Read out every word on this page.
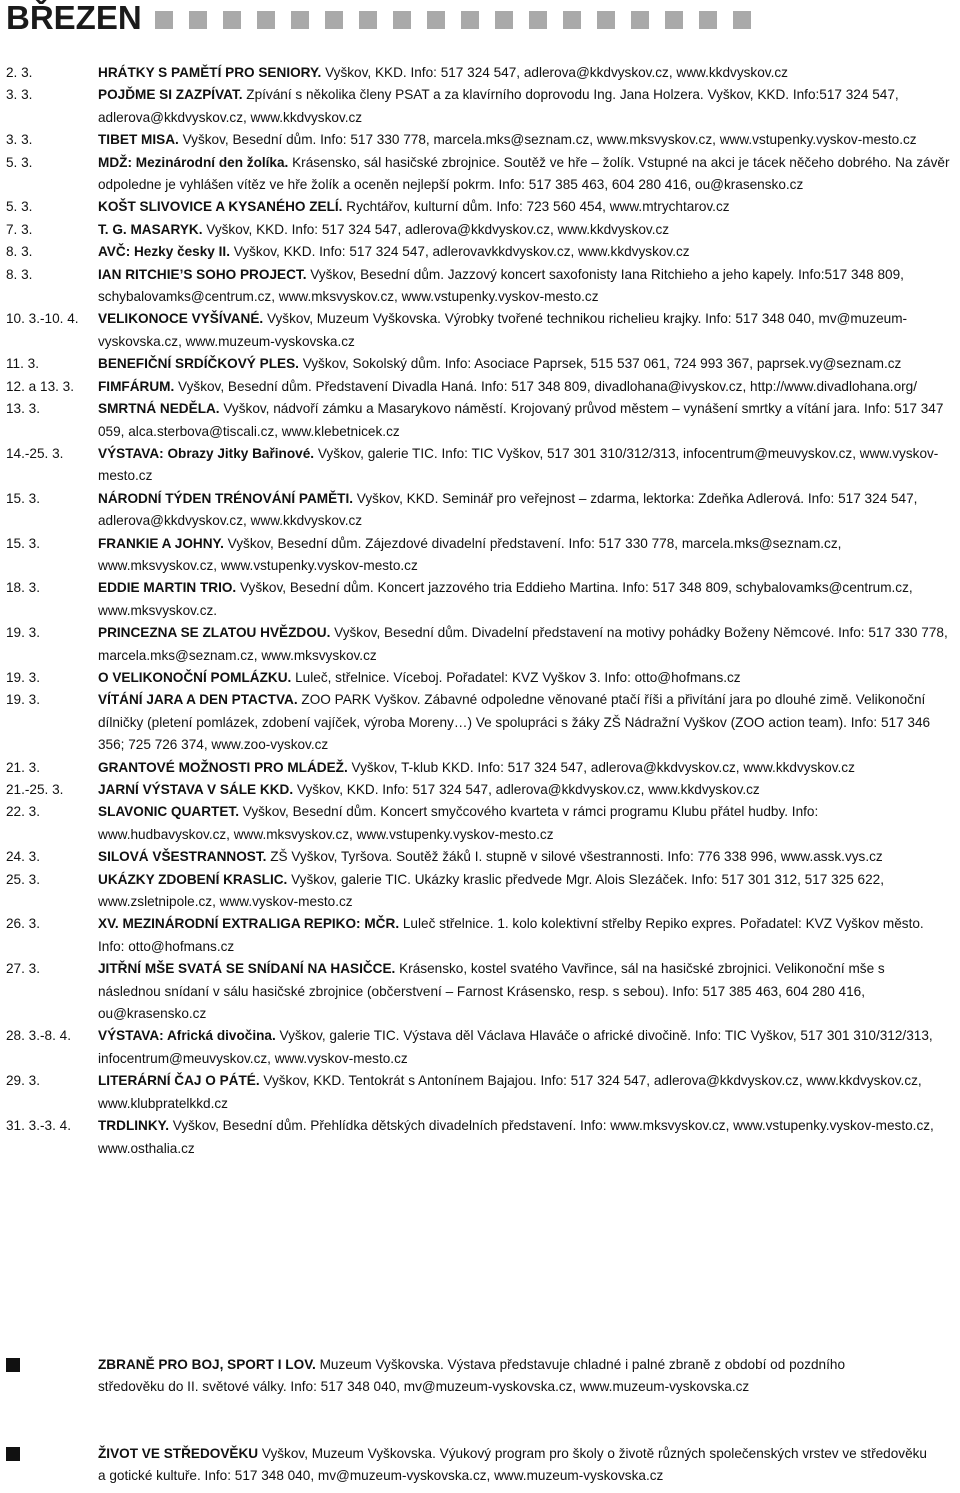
BŘEZEN
2. 3.	HRÁTKY S PAMĚTÍ PRO SENIORY. Vyškov, KKD. Info: 517 324 547, adlerova@kkdvyskov.cz, www.kkdvyskov.cz
3. 3.	POJĎME SI ZAZPÍVAT. Zpívání s několika členy PSAT a za klavírního doprovodu Ing. Jana Holzera. Vyškov, KKD. Info:517 324 547, adlerova@kkdvyskov.cz, www.kkdvyskov.cz
3. 3.	TIBET MISA. Vyškov, Besední dům. Info: 517 330 778, marcela.mks@seznam.cz, www.mksvyskov.cz, www.vstupenky.vyskov-mesto.cz
5. 3.	MDŽ: Mezinárodní den žolíka. Krásensko, sál hasičské zbrojnice. Soutěž ve hře – žolík. Vstupné na akci je tácek něčeho dobrého. Na závěr odpoledne je vyhlášen vítěz ve hře žolík a oceněn nejlepší pokrm. Info: 517 385 463, 604 280 416, ou@krasensko.cz
5. 3.	KOŠT SLIVOVICE A KYSANÉHO ZELÍ. Rychtářov, kulturní dům. Info: 723 560 454, www.mtrychtarov.cz
7. 3.	T. G. MASARYK. Vyškov, KKD. Info: 517 324 547, adlerova@kkdvyskov.cz, www.kkdvyskov.cz
8. 3.	AVČ: Hezky česky II. Vyškov, KKD. Info: 517 324 547, adlerovavkkdvyskov.cz, www.kkdvyskov.cz
8. 3.	IAN RITCHIE’S SOHO PROJECT. Vyškov, Besední dům. Jazzový koncert saxofonisty Iana Ritchieho a jeho kapely. Info:517 348 809, schybalovamks@centrum.cz, www.mksvyskov.cz, www.vstupenky.vyskov-mesto.cz
10. 3.-10. 4.	VELIKONOCE VYŠÍVANÉ. Vyškov, Muzeum Vyškovska. Výrobky tvořené technikou richelieu krajky. Info: 517 348 040, mv@muzeum-vyskovska.cz, www.muzeum-vyskovska.cz
11. 3.	BENEFIČNÍ SRDÍČKOVÝ PLES. Vyškov, Sokolský dům. Info: Asociace Paprsek, 515 537 061, 724 993 367, paprsek.vy@seznam.cz
12. a 13. 3.	FIMFÁRUM. Vyškov, Besední dům. Představení Divadla Haná. Info: 517 348 809, divadlohana@ivyskov.cz, http://www.divadlohana.org/
13. 3.	SMRTNÁ NEDĚLA. Vyškov, nádvoří zámku a Masarykovo náměstí. Krojovaný průvod městem – vynášení smrtky a vítání jara. Info: 517 347 059, alca.sterbova@tiscali.cz, www.klebetnicek.cz
14.-25. 3.	VÝSTAVA: Obrazy Jitky Bařinové. Vyškov, galerie TIC. Info: TIC Vyškov, 517 301 310/312/313, infocentrum@meuvyskov.cz, www.vyskov-mesto.cz
15. 3.	NÁRODNÍ TÝDEN TRÉNOVÁNÍ PAMĚTI. Vyškov, KKD. Seminář pro veřejnost – zdarma, lektorka: Zdeňka Adlerová. Info: 517 324 547, adlerova@kkdvyskov.cz, www.kkdvyskov.cz
15. 3.	FRANKIE A JOHNY. Vyškov, Besední dům. Zájezdové divadelní představení. Info: 517 330 778, marcela.mks@seznam.cz, www.mksvyskov.cz, www.vstupenky.vyskov-mesto.cz
18. 3.	EDDIE MARTIN TRIO. Vyškov, Besední dům. Koncert jazzového tria Eddieho Martina. Info: 517 348 809, schybalovamks@centrum.cz, www.mksvyskov.cz.
19. 3.	PRINCEZNA SE ZLATOU HVĚZDOU. Vyškov, Besední dům. Divadelní představení na motivy pohádky Boženy Němcové. Info: 517 330 778, marcela.mks@seznam.cz, www.mksvyskov.cz
19. 3.	O VELIKONOČNÍ POMLÁZKU. Luleč, střelnice. Víceboj. Pořadatel: KVZ Vyškov 3. Info: otto@hofmans.cz
19. 3.	VÍTÁNÍ JARA A DEN PTACTVA. ZOO PARK Vyškov. Zábavné odpoledne věnované ptačí říši a přivítání jara po dlouhé zimě. Velikonoční dílničky (pletení pomlázek, zdobení vajíček, výroba Moreny…) Ve spolupráci s žáky ZŠ Nádražní Vyškov (ZOO action team). Info: 517 346 356; 725 726 374, www.zoo-vyskov.cz
21. 3.	GRANTOVÉ MOŽNOSTI PRO MLÁDEŽ. Vyškov, T-klub KKD. Info: 517 324 547, adlerova@kkdvyskov.cz, www.kkdvyskov.cz
21.-25. 3.	JARNÍ VÝSTAVA V SÁLE KKD. Vyškov, KKD. Info: 517 324 547, adlerova@kkdvyskov.cz, www.kkdvyskov.cz
22. 3.	SLAVONIC QUARTET. Vyškov, Besední dům. Koncert smyčcového kvarteta v rámci programu Klubu přátel hudby. Info: www.hudbavyskov.cz, www.mksvyskov.cz, www.vstupenky.vyskov-mesto.cz
24. 3.	SILOVÁ VŠESTRANNOST. ZŠ Vyškov, Tyršova. Soutěž žáků I. stupně v silové všestrannosti. Info: 776 338 996, www.assk.vys.cz
25. 3.	UKÁZKY ZDOBENÍ KRASLIC. Vyškov, galerie TIC. Ukázky kraslic předvede Mgr. Alois Slezáček. Info: 517 301 312, 517 325 622, www.zsletnipole.cz, www.vyskov-mesto.cz
26. 3.	XV. MEZINÁRODNÍ EXTRALIGA REPIKO: MČR. Luleč střelnice. 1. kolo kolektivní střelby Repiko expres. Pořadatel: KVZ Vyškov město. Info: otto@hofmans.cz
27. 3.	JITŘNÍ MŠE SVATÁ SE SNÍDANÍ NA HASIČCE. Krásensko, kostel svatého Vavřince, sál na hasičské zbrojnici. Velikonoční mše s následnou snídaní v sálu hasičské zbrojnice (občerstvení – Farnost Krásensko, resp. s sebou). Info: 517 385 463, 604 280 416, ou@krasensko.cz
28. 3.-8. 4.	VÝSTAVA: Africká divočina. Vyškov, galerie TIC. Výstava děl Václava Hlaváče o africké divočině. Info: TIC Vyškov, 517 301 310/312/313, infocentrum@meuvyskov.cz, www.vyskov-mesto.cz
29. 3.	LITERÁRNÍ ČAJ O PÁTÉ. Vyškov, KKD. Tentokrát s Antonínem Bajajou. Info: 517 324 547, adlerova@kkdvyskov.cz, www.kkdvyskov.cz, www.klubpratelkkd.cz
31. 3.-3. 4.	TRDLINKY. Vyškov, Besední dům. Přehlídka dětských divadelních představení. Info: www.mksvyskov.cz, www.vstupenky.vyskov-mesto.cz, www.osthalia.cz
ZBRANĚ PRO BOJ, SPORT I LOV. Muzeum Vyškovska. Výstava představuje chladné i palné zbraně z období od pozdního středověku do II. světové války. Info: 517 348 040, mv@muzeum-vyskovska.cz, www.muzeum-vyskovska.cz
ŽIVOT VE STŘEDOVĚKU Vyškov, Muzeum Vyškovska. Výukový program pro školy o životě různých společenských vrstev ve středověku a gotické kultuře. Info: 517 348 040, mv@muzeum-vyskovska.cz, www.muzeum-vyskovska.cz
